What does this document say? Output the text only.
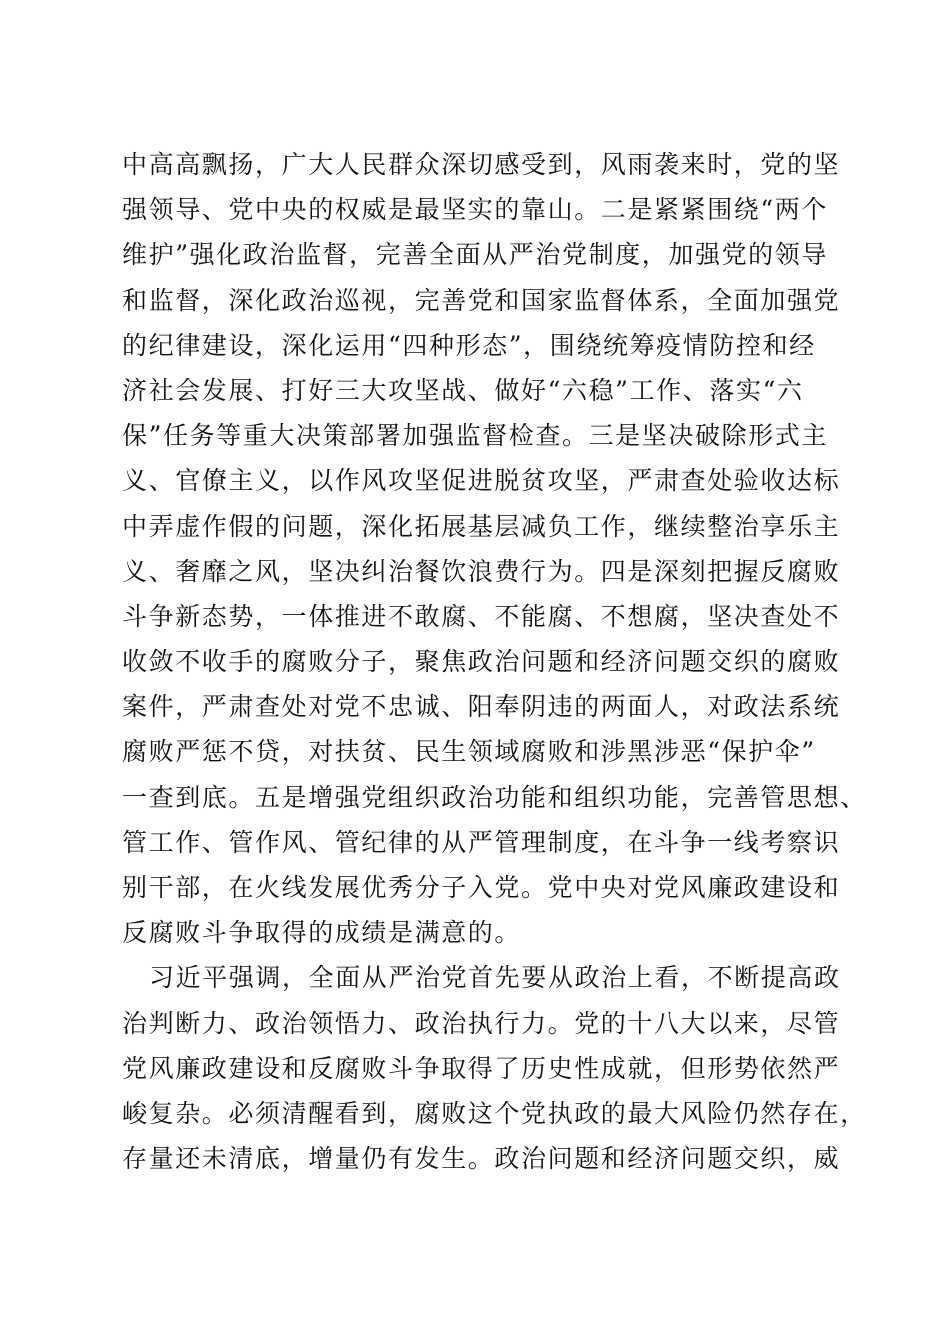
中高高飘扬，广大人民群众深切感受到，风雨袭来时，党的坚
强领导、党中央的权威是最坚实的靠山。二是紧紧围绕“两个
维护”强化政治监督，完善全面从严治党制度，加强党的领导
和监督，深化政治巡视，完善党和国家监督体系，全面加强党
的纪律建设，深化运用“四种形态”，围绕统筹疫情防控和经
济社会发展、打好三大攻坚战、做好“六稳”工作、落实“六
保”任务等重大决策部署加强监督检查。三是坚决破除形式主
义、官僚主义，以作风攻坚促进脱贫攻坚，严肃查处验收达标
中弄虚作假的问题，深化拓展基层减负工作，继续整治享乐主
义、奢靡之风，坚决纠治餐饮浪费行为。四是深刻把握反腐败
斗争新态势，一体推进不敢腐、不能腐、不想腐，坚决查处不
收敛不收手的腐败分子，聚焦政治问题和经济问题交织的腐败
案件，严肃查处对党不忠诚、阳奉阴违的两面人，对政法系统
腐败严惩不贷，对扶贫、民生领域腐败和涉黑涉恶“保护伞”
一查到底。五是增强党组织政治功能和组织功能，完善管思想、
管工作、管作风、管纪律的从严管理制度，在斗争一线考察识
别干部，在火线发展优秀分子入党。党中央对党风廉政建设和
反腐败斗争取得的成绩是满意的。
习近平强调，全面从严治党首先要从政治上看，不断提高政
治判断力、政治领悟力、政治执行力。党的十八大以来，尽管
党风廉政建设和反腐败斗争取得了历史性成就，但形势依然严
峻复杂。必须清醒看到，腐败这个党执政的最大风险仍然存在，
存量还未清底，增量仍有发生。政治问题和经济问题交织，威
